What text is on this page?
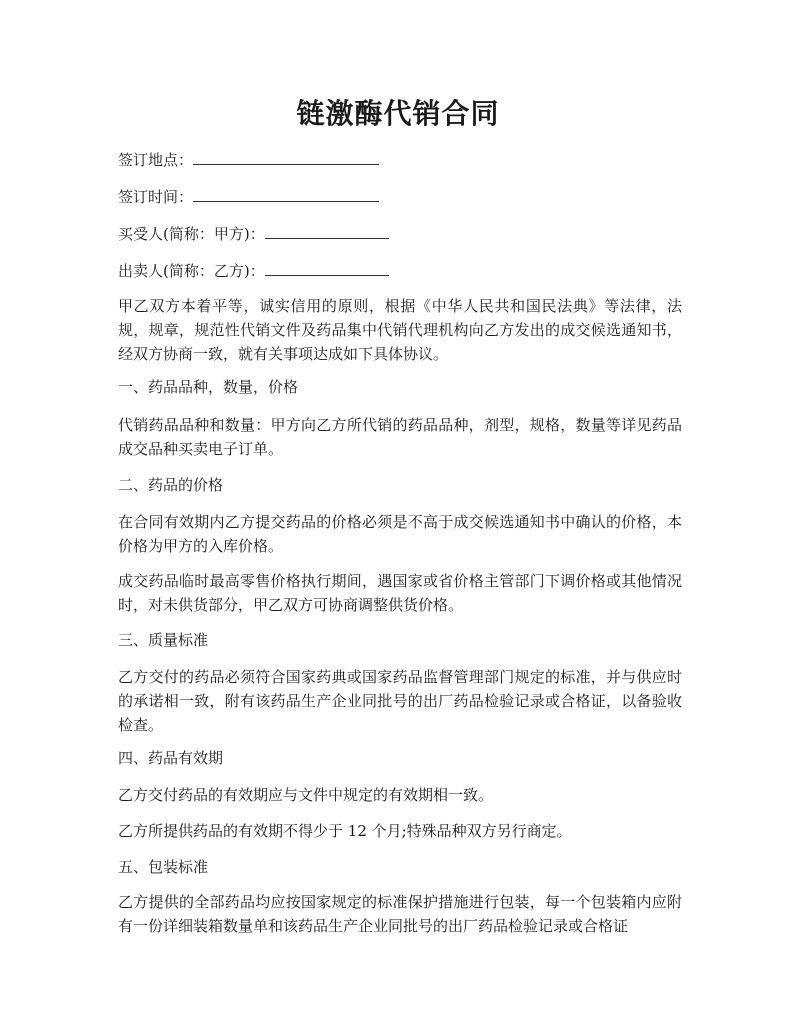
链激酶代销合同
签订地点：
签订时间：
买受人(简称：甲方)：
出卖人(简称：乙方)：
甲乙双方本着平等，诚实信用的原则，根据《中华人民共和国民法典》等法律，法规，规章，规范性代销文件及药品集中代销代理机构向乙方发出的成交候选通知书，经双方协商一致，就有关事项达成如下具体协议。
一、药品品种，数量，价格
代销药品品种和数量：甲方向乙方所代销的药品品种，剂型，规格，数量等详见药品成交品种买卖电子订单。
二、药品的价格
在合同有效期内乙方提交药品的价格必须是不高于成交候选通知书中确认的价格，本价格为甲方的入库价格。
成交药品临时最高零售价格执行期间，遇国家或省价格主管部门下调价格或其他情况时，对未供货部分，甲乙双方可协商调整供货价格。
三、质量标准
乙方交付的药品必须符合国家药典或国家药品监督管理部门规定的标准，并与供应时的承诺相一致，附有该药品生产企业同批号的出厂药品检验记录或合格证，以备验收检查。
四、药品有效期
乙方交付药品的有效期应与文件中规定的有效期相一致。
乙方所提供药品的有效期不得少于 12 个月;特殊品种双方另行商定。
五、包装标准
乙方提供的全部药品均应按国家规定的标准保护措施进行包装，每一个包装箱内应附有一份详细装箱数量单和该药品生产企业同批号的出厂药品检验记录或合格证
